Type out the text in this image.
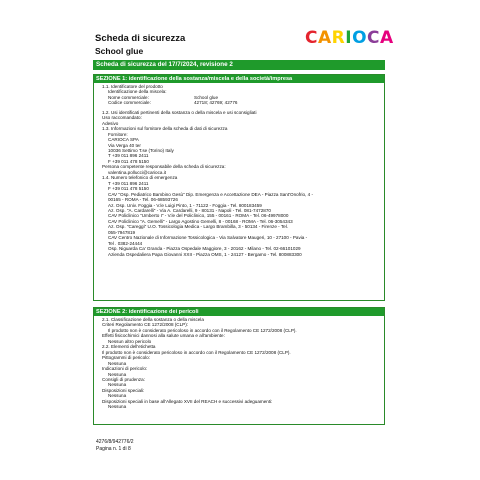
Scheda di sicurezza
School glue
CARIOCA
Scheda di sicurezza del 17/7/2024, revisione 2
SEZIONE 1: identificazione della sostanza/miscela e della società/impresa
1.1. Identificatore del prodotto
Identificazione della miscela:
Nome commerciale:	School glue
Codice commerciale:	42718; 42769; 42776
1.2. Usi identificati pertinenti della sostanza o della miscela e usi sconsigliati
Uso raccomandato:
Adesivo
1.3. Informazioni sul fornitore della scheda di dati di sicurezza
Fornitore:
CARIOCA SPA
Via Verga 40 ter
10036 Settimo T.se (Torino) Italy
T +39 011 896 2411
F +39 011 478 5150
Persona competente responsabile della scheda di sicurezza:
valentina.pollucci@carioca.it
1.4. Numero telefonico di emergenza
T +39 011 896 2411
F +39 011 478 5150
CAV "Osp. Pediatrico Bambino Gesù" Dip. Emergenza e Accettazione DEA - Piazza Sant'Onofrio, 4 -
00165 - ROMA - Tel. 06-68593726
Az. Osp. Univ. Foggia - V.le Luigi Pinto, 1 - 71122 - Foggia - Tel. 800183459
Az. Osp. "A. Cardarelli" - Via A. Cardarelli, 9 - 80131 - Napoli - Tel. 081-7472870
CAV Policlinico "Umberto I" - V.le del Policlinico, 155 - 00161 - ROMA - Tel. 06-49978000
CAV Policlinico "A. Gemelli" - Largo Agostino Gemelli, 8 - 00168 - ROMA - Tel. 06-3054343
Az. Osp. "Careggi" U.O. Tossicologia Medica - Largo Brambilla, 3 - 50134 - Firenze - Tel.
055-7947819
CAV Centro Nazionale di Informazione Tossicologica - Via Salvatore Maugeri, 10 - 27100 - Pavia -
Tel . 0382-24444
Osp. Niguarda Ca' Granda - Piazza Ospedale Maggiore, 3 - 20162 - Milano - Tel. 02-66101029
Azienda Ospedaliera Papa Giovanni XXII - Piazza OMS, 1 - 24127 - Bergamo - Tel. 800883300
SEZIONE 2: identificazione dei pericoli
2.1. Classificazione della sostanza o della miscela
Criteri Regolamento CE 1272/2008 (CLP):
Il prodotto non è considerato pericoloso in accordo con il Regolamento CE 1272/2008 (CLP).
Effetti fisicochimici dannosi alla salute umana e all'ambiente:
Nessun altro pericolo
2.2. Elementi dell'etichetta
Il prodotto non è considerato pericoloso in accordo con il Regolamento CE 1272/2008 (CLP).
Pittogrammi di pericolo:
Nessuna
Indicazioni di pericolo:
Nessuna
Consigli di prudenza:
Nessuna
Disposizioni speciali:
Nessuna
Disposizioni speciali in base all'Allegato XVII del REACH e successivi adeguamenti:
Nessuna
4276/8/942776/2
Pagina n. 1 di 8
